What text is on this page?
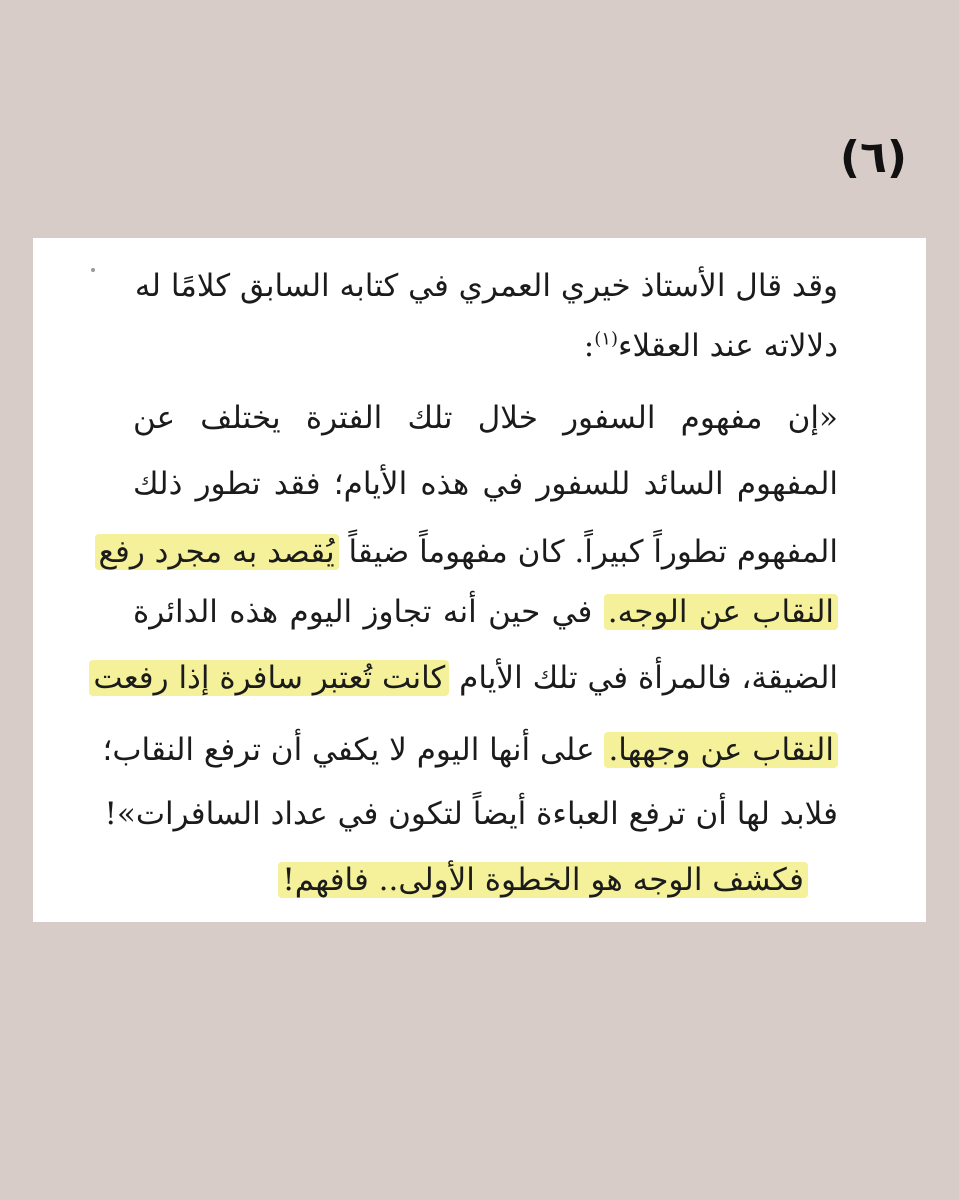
(٦)
وقد قال الأستاذ خيري العمري في كتابه السابق كلامًا له
دلالاته عند العقلاء$^{(١)}$:
«إن مفهوم السفور خلال تلك الفترة يختلف عن
المفهوم السائد للسفور في هذه الأيام؛ فقد تطور ذلك
المفهوم تطوراً كبيراً. كان مفهوماً ضيقاً يُقصد به مجرد رفع
النقاب عن الوجه. في حين أنه تجاوز اليوم هذه الدائرة
الضيقة، فالمرأة في تلك الأيام كانت تُعتبر سافرة إذا رفعت
النقاب عن وجهها. على أنها اليوم لا يكفي أن ترفع النقاب؛
فلابد لها أن ترفع العباءة أيضاً لتكون في عداد السافرات»!
فكشف الوجه هو الخطوة الأولى.. فافهم!
